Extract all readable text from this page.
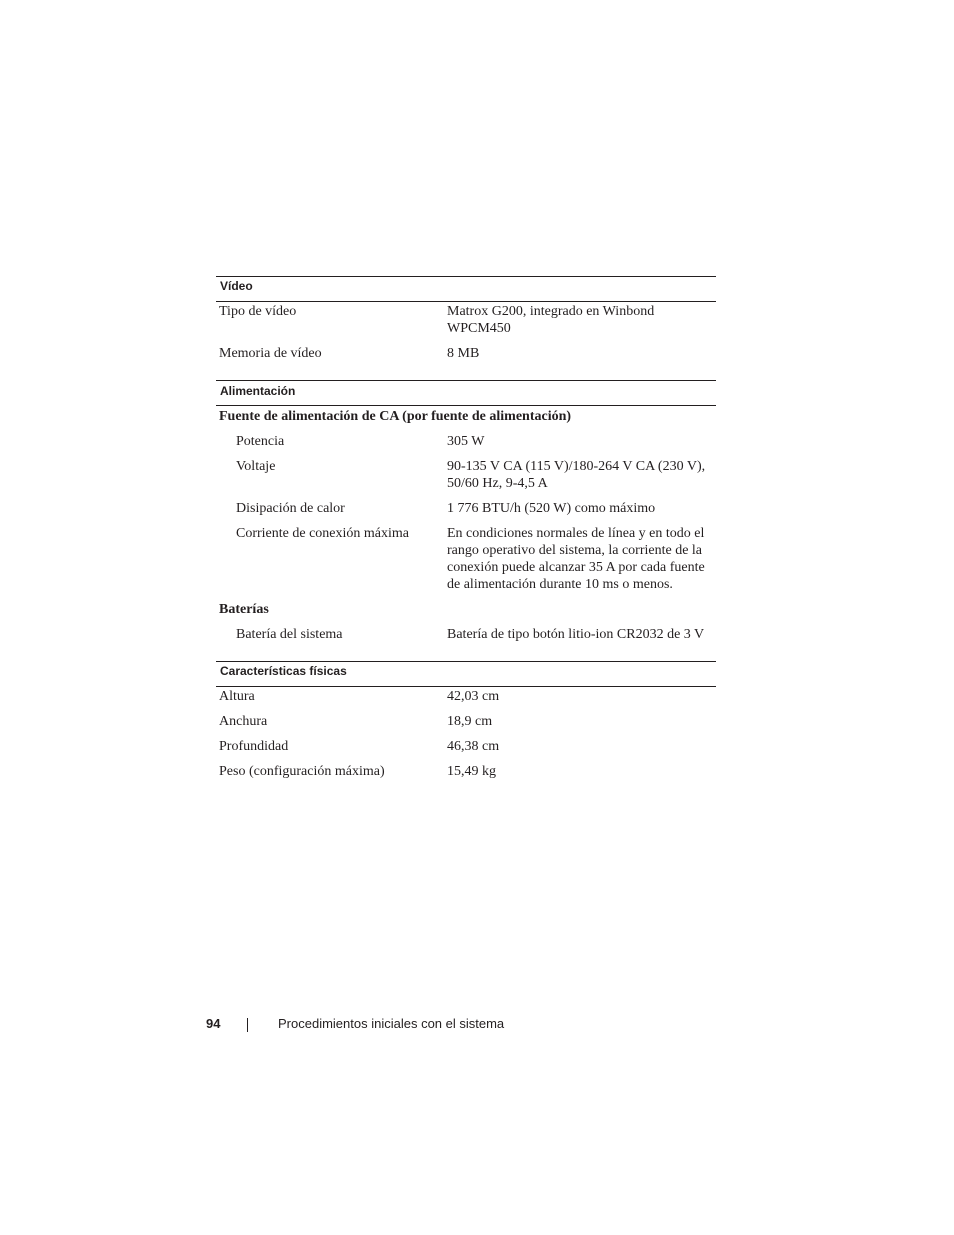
Vídeo
Tipo de vídeo	Matrox G200, integrado en Winbond WPCM450
Memoria de vídeo	8 MB
Alimentación
Fuente de alimentación de CA (por fuente de alimentación)
Potencia	305 W
Voltaje	90-135 V CA (115 V)/180-264 V CA (230 V), 50/60 Hz, 9-4,5 A
Disipación de calor	1 776 BTU/h (520 W) como máximo
Corriente de conexión máxima	En condiciones normales de línea y en todo el rango operativo del sistema, la corriente de la conexión puede alcanzar 35 A por cada fuente de alimentación durante 10 ms o menos.
Baterías
Batería del sistema	Batería de tipo botón litio-ion CR2032 de 3 V
Características físicas
Altura	42,03 cm
Anchura	18,9 cm
Profundidad	46,38 cm
Peso (configuración máxima)	15,49 kg
94	Procedimientos iniciales con el sistema
